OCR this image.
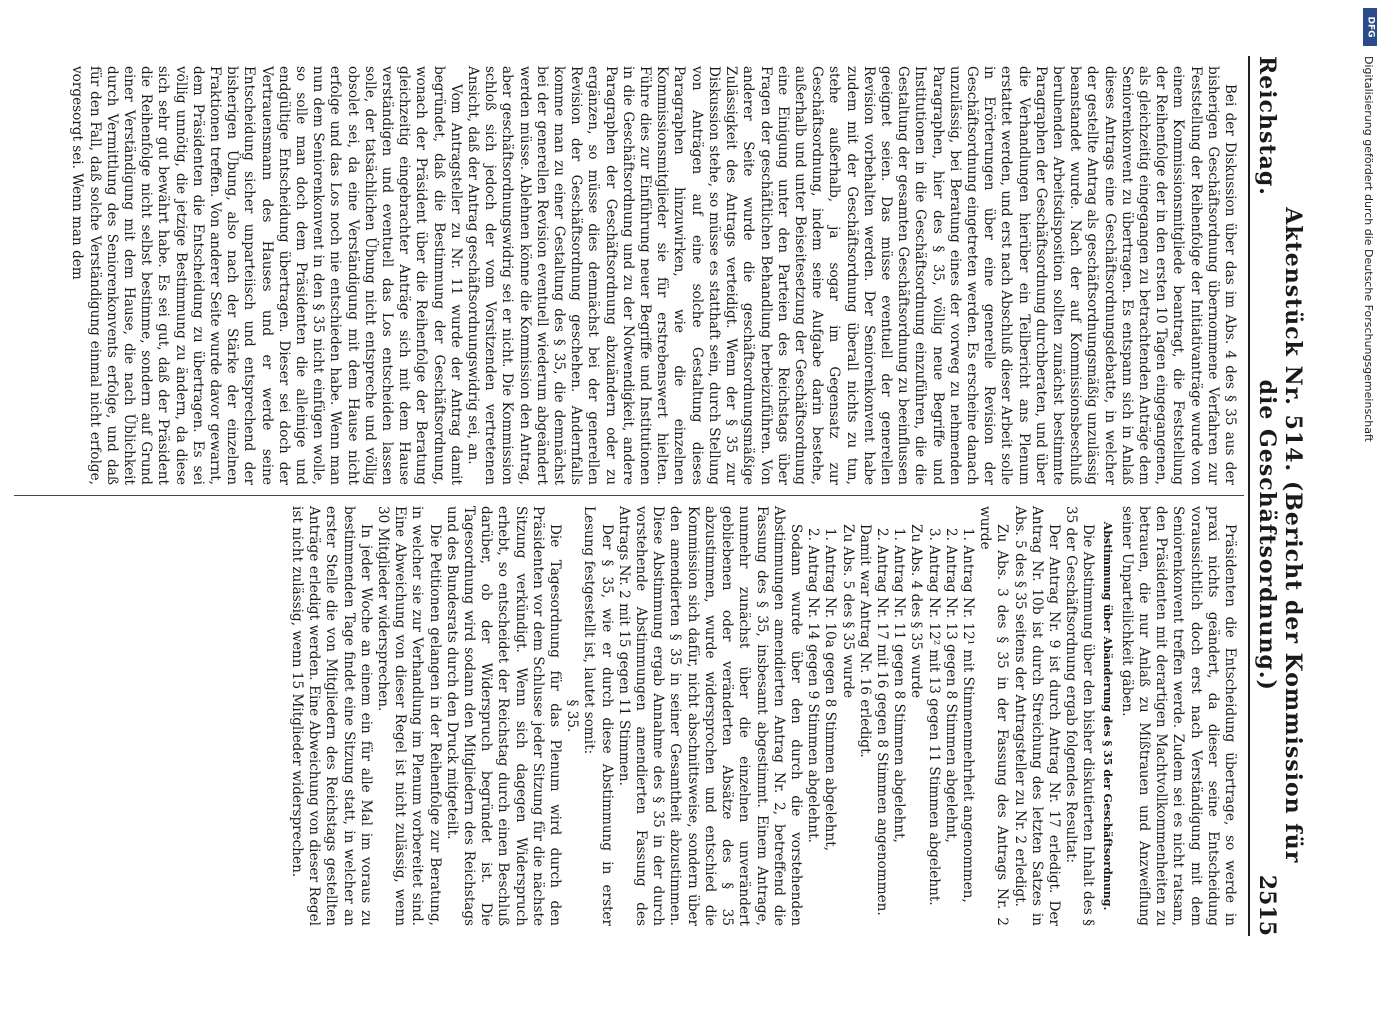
Reichstag.
Aktenstück Nr. 514. (Bericht der Kommission für die Geschäftsordnung.)
2515

Bei der Diskussion über das im Abs. 4 des § 35 aus der bisherigen Geschäftsordnung übernommene Verfahren zur Feststellung der Reihenfolge der Initiativanträge wurde von einem Kommissionsmitgliede beantragt, die Feststellung der Reihenfolge der in den ersten 10 Tagen eingegangenen, als gleichzeitig eingegangen zu betrachtenden Anträge dem Seniorenkonvent zu übertragen. Es entspann sich in Anlaß dieses Antrags eine Geschäftsordnungsdebatte, in welcher der gestellte Antrag als geschäftsordnungsmäßig unzulässig beanstandet wurde. Nach der auf Kommissionsbeschluß beruhenden Arbeitsdisposition sollten zunächst bestimmte Paragraphen der Geschäftsordnung durchberaten, und über die Verhandlungen hierüber ein Teilbericht ans Plenum erstattet werden, und erst nach Abschluß dieser Arbeit solle in Erörterungen über eine generelle Revision der Geschäftsordnung eingetreten werden. Es erscheine danach unzulässig, bei Beratung eines der vorweg zu nehmenden Paragraphen, hier des § 35, völlig neue Begriffe und Institutionen in die Geschäftsordnung einzuführen, die die Gestaltung der gesamten Geschäftsordnung zu beeinflussen geeignet seien. Das müsse eventuell der generellen Revision vorbehalten werden. Der Seniorenkonvent habe zudem mit der Geschäftsordnung überall nichts zu tun, stehe außerhalb, ja sogar im Gegensatz zur Geschäftsordnung, indem seine Aufgabe darin bestehe, außerhalb und unter Beiseitesetzung der Geschäftsordnung eine Einigung unter den Parteien des Reichstags über Fragen der geschäftlichen Behandlung herbeizuführen. Von anderer Seite wurde die geschäftsordnungsmäßige Zulässigkeit des Antrags verteidigt. Wenn der § 35 zur Diskussion stehe, so müsse es statthaft sein, durch Stellung von Anträgen auf eine solche Gestaltung dieses Paragraphen hinzuwirken, wie die einzelnen Kommissionsmitglieder sie für erstrebenswert hielten. Führe dies zur Einführung neuer Begriffe und Institutionen in die Geschäftsordnung und zu der Notwendigkeit, andere Paragraphen der Geschäftsordnung abzuändern oder zu ergänzen, so müsse dies demnächst bei der generellen Revision der Geschäftsordnung geschehen. Andernfalls komme man zu einer Gestaltung des § 35, die demnächst bei der generellen Revision eventuell wiederum abgeändert werden müsse. Ablehnen könne die Kommission den Antrag, aber geschäftsordnungswidrig sei er nicht. Die Kommission schloß sich jedoch der vom Vorsitzenden vertretenen Ansicht, daß der Antrag geschäftsordnungswidrig sei, an.

Vom Antragsteller zu Nr. 11 wurde der Antrag damit begründet, daß die Bestimmung der Geschäftsordnung, wonach der Präsident über die Reihenfolge der Beratung gleichzeitig eingebrachter Anträge sich mit dem Hause verständigen und eventuell das Los entscheiden lassen solle, der tatsächlichen Übung nicht entspreche und völlig obsolet sei, da eine Verständigung mit dem Hause nicht erfolge und das Los noch nie entschieden habe. Wenn man nun dem Seniorenkonvent in den § 35 nicht einfügen wolle, so solle man doch dem Präsidenten die alleinige und endgültige Entscheidung übertragen. Dieser sei doch der Vertrauensmann des Hauses und er werde seine Entscheidung sicher unparteiisch und entsprechend der bisherigen Übung, also nach der Stärke der einzelnen Fraktionen treffen. Von anderer Seite wurde davor gewarnt, dem Präsidenten die Entscheidung zu übertragen. Es sei völlig unnötig, die jetzige Bestimmung zu ändern, da diese sich sehr gut bewährt habe. Es sei gut, daß der Präsident die Reihenfolge nicht selbst bestimme, sondern auf Grund einer Verständigung mit dem Hause, die nach Üblichkeit durch Vermittlung des Seniorenkonvents erfolge, und daß für den Fall, daß solche Verständigung einmal nicht erfolge, vorgesorgt sei. Wenn man dem

Präsidenten die Entscheidung übertrage, so werde in praxi nichts geändert, da dieser seine Entscheidung voraussichtlich doch erst nach Verständigung mit dem Seniorenkonvent treffen werde. Zudem sei es nicht ratsam, den Präsidenten mit derartigen Machtvollkommenheiten zu betrauen, die nur Anlaß zu Mißtrauen und Anzweiflung seiner Unparteilichkeit gäben.

Abstimmung über Abänderung des § 35 der Geschäftsordnung.

Die Abstimmung über den bisher diskutierten Inhalt des § 35 der Geschäftsordnung ergab folgendes Resultat:

Der Antrag Nr. 9 ist durch Antrag Nr. 17 erledigt. Der Antrag Nr. 10b ist durch Streichung des letzten Satzes in Abs. 5 des § 35 seitens der Antragsteller zu Nr. 2 erledigt.

Zu Abs. 3 des § 35 in der Fassung des Antrags Nr. 2 wurde

1. Antrag Nr. 12¹ mit Stimmenmehrheit angenommen,

2. Antrag Nr. 13 gegen 8 Stimmen abgelehnt,

3. Antrag Nr. 12² mit 13 gegen 11 Stimmen abgelehnt.

Zu Abs. 4 des § 35 wurde

1. Antrag Nr. 11 gegen 8 Stimmen abgelehnt,

2. Antrag Nr. 17 mit 16 gegen 8 Stimmen angenommen.

Damit war Antrag Nr. 16 erledigt.

Zu Abs. 5 des § 35 wurde

1. Antrag Nr. 10a gegen 8 Stimmen abgelehnt,

2. Antrag Nr. 14 gegen 9 Stimmen abgelehnt.

Sodann wurde über den durch die vorstehenden Abstimmungen amendierten Antrag Nr. 2, betreffend die Fassung des § 35, insbesamt abgestimmt. Einem Antrage, nunmehr zunächst über die einzelnen unverändert gebliebenen oder veränderten Absätze des § 35 abzustimmen, wurde widersprochen und entschied die Kommission sich dafür, nicht abschnittsweise, sondern über den amendierten § 35 in seiner Gesamtheit abzustimmen. Diese Abstimmung ergab Annahme des § 35 in der durch vorstehende Abstimmungen amendierten Fassung des Antrags Nr. 2 mit 15 gegen 11 Stimmen.

Der § 35, wie er durch diese Abstimmung in erster Lesung festgestellt ist, lautet somit:

§ 35.

Die Tagesordnung für das Plenum wird durch den Präsidenten vor dem Schlusse jeder Sitzung für die nächste Sitzung verkündigt. Wenn sich dagegen Widerspruch erhebt, so entscheidet der Reichstag durch einen Beschluß darüber, ob der Widerspruch begründet ist. Die Tagesordnung wird sodann den Mitgliedern des Reichstags und des Bundesrats durch den Druck mitgeteilt.

Die Petitionen gelangen in der Reihenfolge zur Beratung, in welcher sie zur Verhandlung im Plenum vorbereitet sind. Eine Abweichung von dieser Regel ist nicht zulässig, wenn 30 Mitglieder widersprechen.

In jeder Woche an einem ein für alle Mal im voraus zu bestimmenden Tage findet eine Sitzung statt, in welcher an erster Stelle die von Mitgliedern des Reichstags gestellten Anträge erledigt werden. Eine Abweichung von dieser Regel ist nicht zulässig, wenn 15 Mitglieder widersprechen.

DFG
Digitalisierung gefördert durch die Deutsche Forschungsgemeinschaft
